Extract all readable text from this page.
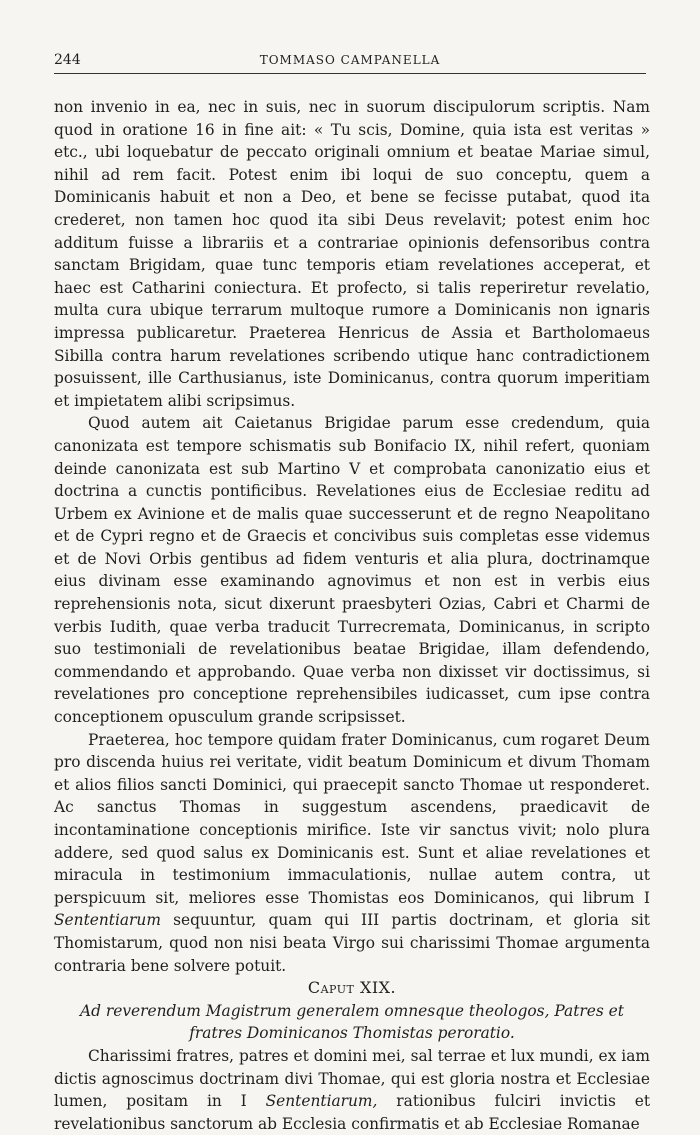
244	TOMMASO CAMPANELLA

non invenio in ea, nec in suis, nec in suorum discipulorum scriptis. Nam quod in oratione 16 in fine ait: « Tu scis, Domine, quia ista est veritas » etc., ubi loquebatur de peccato originali omnium et beatae Mariae simul, nihil ad rem facit. Potest enim ibi loqui de suo conceptu, quem a Dominicanis habuit et non a Deo, et bene se fecisse putabat, quod ita crederet, non tamen hoc quod ita sibi Deus revelavit; potest enim hoc additum fuisse a librariis et a contrariae opinionis defensoribus contra sanctam Brigidam, quae tunc temporis etiam revelationes acceperat, et haec est Catharini coniectura. Et profecto, si talis reperiretur revelatio, multa cura ubique terrarum multoque rumore a Dominicanis non ignaris impressa publicaretur. Praeterea Henricus de Assia et Bartholomaeus Sibilla contra harum revelationes scribendo utique hanc contradictionem posuissent, ille Carthusianus, iste Dominicanus, contra quorum imperitiam et impietatem alibi scripsimus.

Quod autem ait Caietanus Brigidae parum esse credendum, quia canonizata est tempore schismatis sub Bonifacio IX, nihil refert, quoniam deinde canonizata est sub Martino V et comprobata canonizatio eius et doctrina a cunctis pontificibus. Revelationes eius de Ecclesiae reditu ad Urbem ex Avinione et de malis quae successerunt et de regno Neapolitano et de Cypri regno et de Graecis et concivibus suis completas esse videmus et de Novi Orbis gentibus ad fidem venturis et alia plura, doctrinamque eius divinam esse examinando agnovimus et non est in verbis eius reprehensionis nota, sicut dixerunt praesbyteri Ozias, Cabri et Charmi de verbis Iudith, quae verba traducit Turrecremata, Dominicanus, in scripto suo testimoniali de revelationibus beatae Brigidae, illam defendendo, commendando et approbando. Quae verba non dixisset vir doctissimus, si revelationes pro conceptione reprehensibiles iudicasset, cum ipse contra conceptionem opusculum grande scripsisset.

Praeterea, hoc tempore quidam frater Dominicanus, cum rogaret Deum pro discenda huius rei veritate, vidit beatum Dominicum et divum Thomam et alios filios sancti Dominici, qui praecepit sancto Thomae ut responderet. Ac sanctus Thomas in suggestum ascendens, praedicavit de incontaminatione conceptionis mirifice. Iste vir sanctus vivit; nolo plura addere, sed quod salus ex Dominicanis est. Sunt et aliae revelationes et miracula in testimonium immaculationis, nullae autem contra, ut perspicuum sit, meliores esse Thomistas eos Dominicanos, qui librum I Sententiarum sequuntur, quam qui III partis doctrinam, et gloria sit Thomistarum, quod non nisi beata Virgo sui charissimi Thomae argumenta contraria bene solvere potuit.

Caput XIX.

Ad reverendum Magistrum generalem omnesque theologos, Patres et fratres Dominicanos Thomistas peroratio.

Charissimi fratres, patres et domini mei, sal terrae et lux mundi, ex iam dictis agnoscimus doctrinam divi Thomae, qui est gloria nostra et Ecclesiae lumen, positam in I Sententiarum, rationibus fulciri invictis et revelationibus sanctorum ab Ecclesia confirmatis et ab Ecclesiae Romanae
